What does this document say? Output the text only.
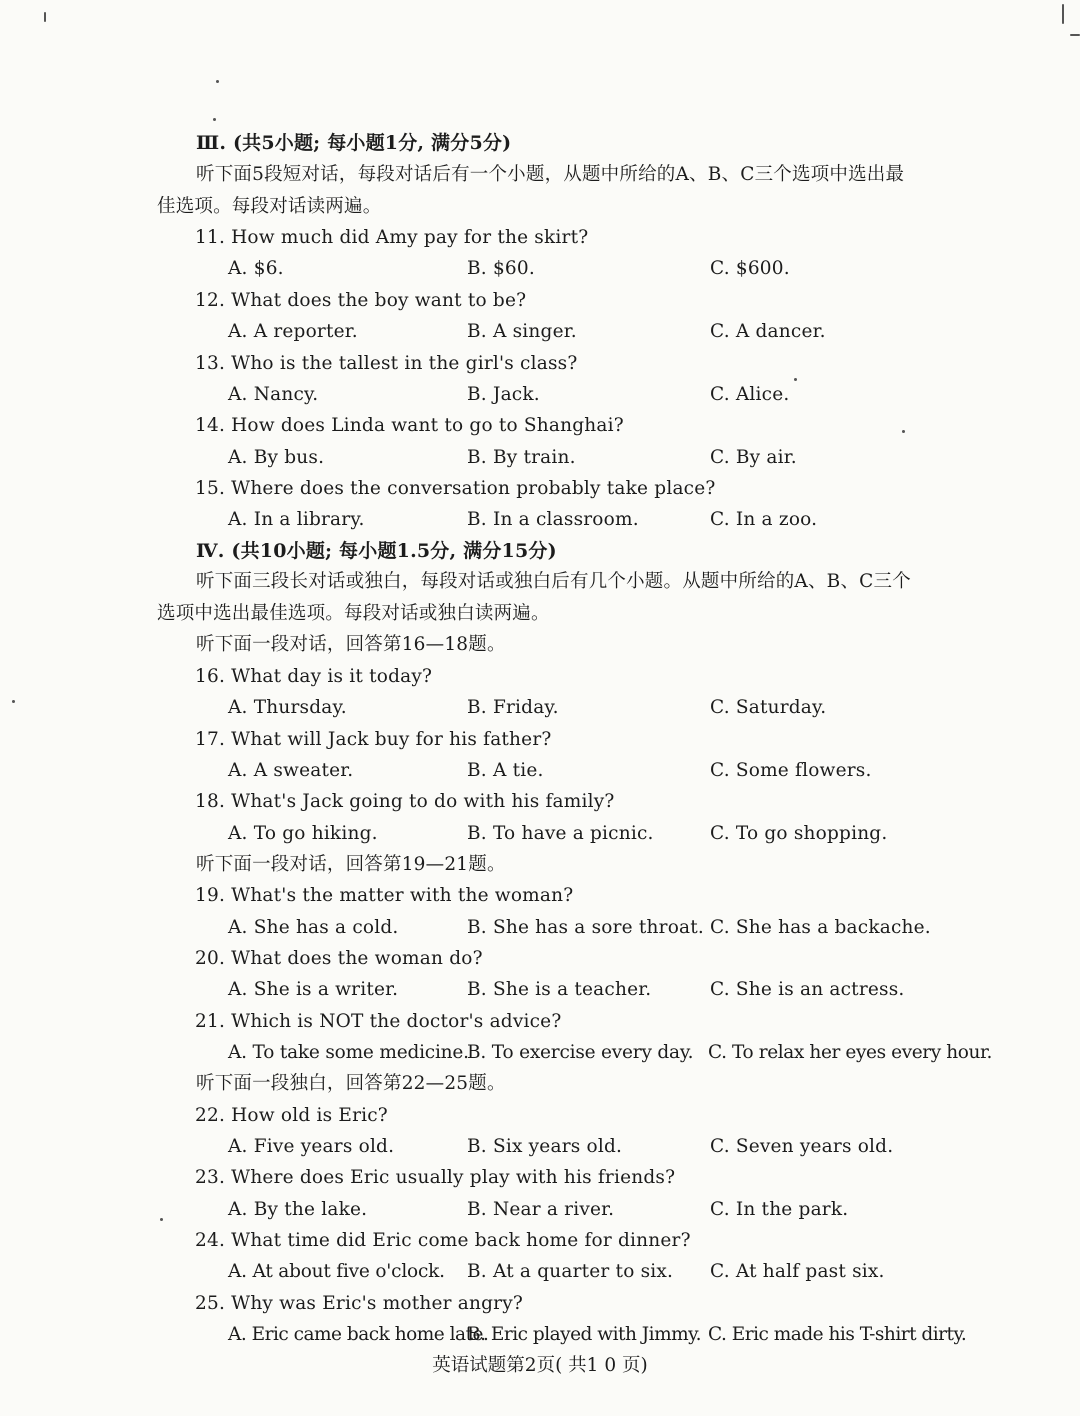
Ⅲ. (共5小题; 每小题1分, 满分5分)
听下面5段短对话，每段对话后有一个小题，从题中所给的A、B、C三个选项中选出最
佳选项。每段对话读两遍。
11. How much did Amy pay for the skirt?
A. $6.	B. $60.	C. $600.
12. What does the boy want to be?
A. A reporter.	B. A singer.	C. A dancer.
13. Who is the tallest in the girl's class?
A. Nancy.	B. Jack.	C. Alice.
14. How does Linda want to go to Shanghai?
A. By bus.	B. By train.	C. By air.
15. Where does the conversation probably take place?
A. In a library.	B. In a classroom.	C. In a zoo.
Ⅳ. (共10小题; 每小题1.5分, 满分15分)
听下面三段长对话或独白，每段对话或独白后有几个小题。从题中所给的A、B、C三个
选项中选出最佳选项。每段对话或独白读两遍。
听下面一段对话，回答第16—18题。
16. What day is it today?
A. Thursday.	B. Friday.	C. Saturday.
17. What will Jack buy for his father?
A. A sweater.	B. A tie.	C. Some flowers.
18. What's Jack going to do with his family?
A. To go hiking.	B. To have a picnic.	C. To go shopping.
听下面一段对话，回答第19—21题。
19. What's the matter with the woman?
A. She has a cold.	B. She has a sore throat. C. She has a backache.
20. What does the woman do?
A. She is a writer.	B. She is a teacher.	C. She is an actress.
21. Which is NOT the doctor's advice?
A. To take some medicine.
B. To exercise every day. C. To relax her eyes every hour.
听下面一段独白，回答第22—25题。
22. How old is Eric?
A. Five years old.	B. Six years old.	C. Seven years old.
23. Where does Eric usually play with his friends?
A. By the lake.	B. Near a river.	C. In the park.
24. What time did Eric come back home for dinner?
A. At about five o'clock. B. At a quarter to six. C. At half past six.
25. Why was Eric's mother angry?
A. Eric came back home late.
B. Eric played with Jimmy. C. Eric made his T-shirt dirty.
英语试题第2页( 共1 0 页)
